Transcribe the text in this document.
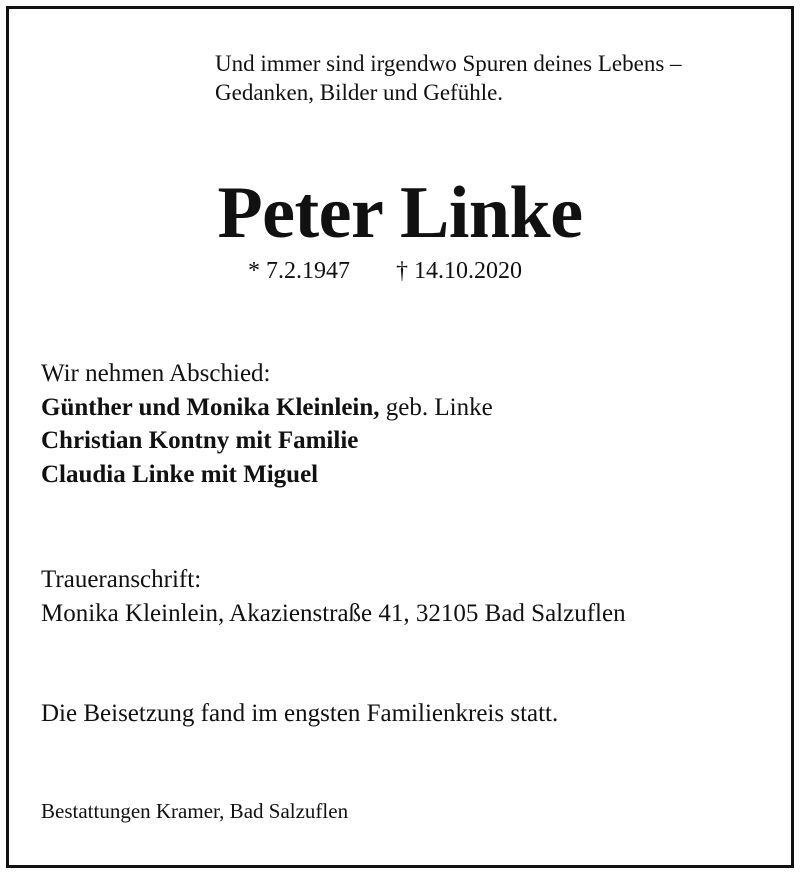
Und immer sind irgendwo Spuren deines Lebens –
Gedanken, Bilder und Gefühle.
Peter Linke
* 7.2.1947 † 14.10.2020
Wir nehmen Abschied:
Günther und Monika Kleinlein, geb. Linke
Christian Kontny mit Familie
Claudia Linke mit Miguel
Traueranschrift:
Monika Kleinlein, Akazienstraße 41, 32105 Bad Salzuflen
Die Beisetzung fand im engsten Familienkreis statt.
Bestattungen Kramer, Bad Salzuflen
